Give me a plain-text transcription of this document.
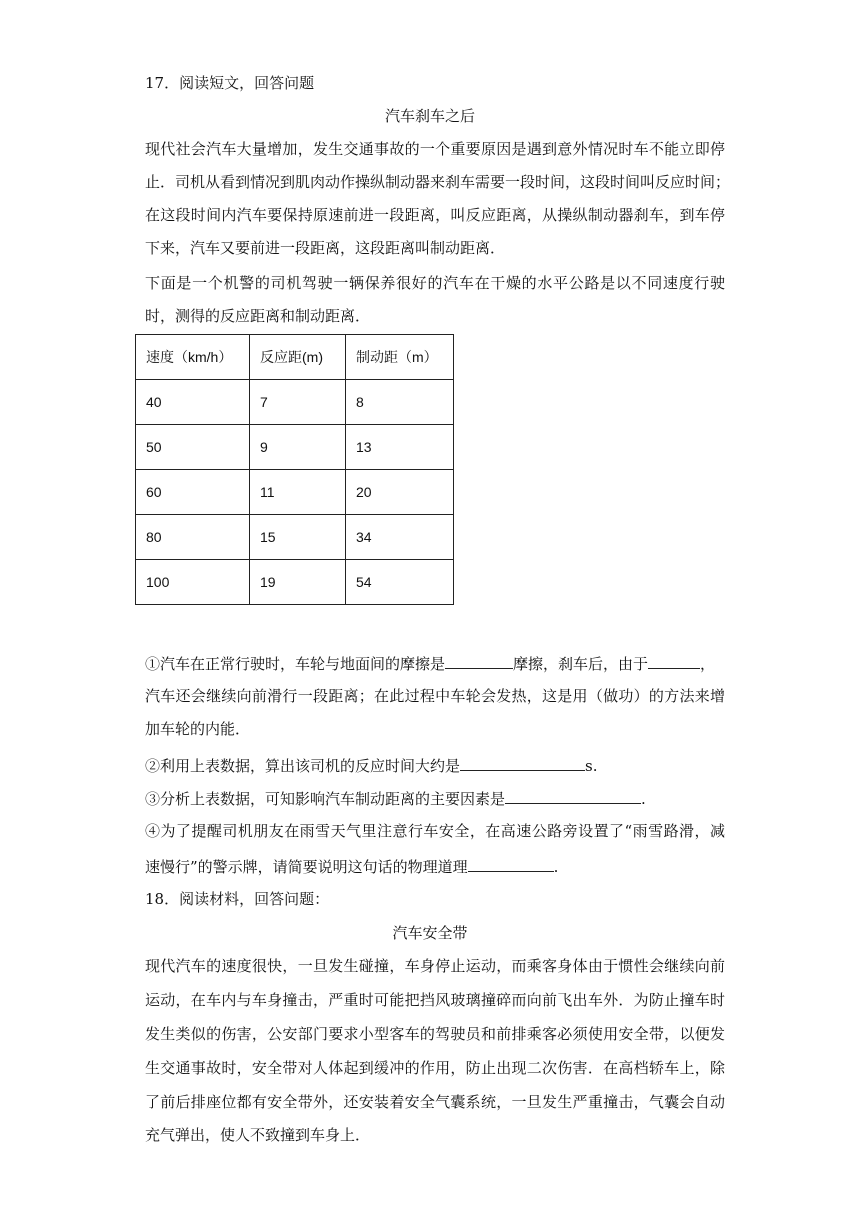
17．阅读短文，回答问题
汽车刹车之后
现代社会汽车大量增加，发生交通事故的一个重要原因是遇到意外情况时车不能立即停
止．司机从看到情况到肌肉动作操纵制动器来刹车需要一段时间，这段时间叫反应时间；
在这段时间内汽车要保持原速前进一段距离，叫反应距离，从操纵制动器刹车，到车停
下来，汽车又要前进一段距离，这段距离叫制动距离．
下面是一个机警的司机驾驶一辆保养很好的汽车在干燥的水平公路是以不同速度行驶
时，测得的反应距离和制动距离．
速度（km/h）	反应距(m)	制动距（m）
40	7	8
50	9	13
60	11	20
80	15	34
100	19	54
①汽车在正常行驶时，车轮与地面间的摩擦是	摩擦，刹车后，由于	，
汽车还会继续向前滑行一段距离；在此过程中车轮会发热，这是用（做功）的方法来增
加车轮的内能．
②利用上表数据，算出该司机的反应时间大约是	s.
③分析上表数据，可知影响汽车制动距离的主要因素是	.
④为了提醒司机朋友在雨雪天气里注意行车安全，在高速公路旁设置了“雨雪路滑，减
速慢行”的警示牌，请简要说明这句话的物理道理	.
18．阅读材料，回答问题：
汽车安全带
现代汽车的速度很快，一旦发生碰撞，车身停止运动，而乘客身体由于惯性会继续向前
运动，在车内与车身撞击，严重时可能把挡风玻璃撞碎而向前飞出车外．为防止撞车时
发生类似的伤害，公安部门要求小型客车的驾驶员和前排乘客必须使用安全带，以便发
生交通事故时，安全带对人体起到缓冲的作用，防止出现二次伤害．在高档轿车上，除
了前后排座位都有安全带外，还安装着安全气囊系统，一旦发生严重撞击，气囊会自动
充气弹出，使人不致撞到车身上．
